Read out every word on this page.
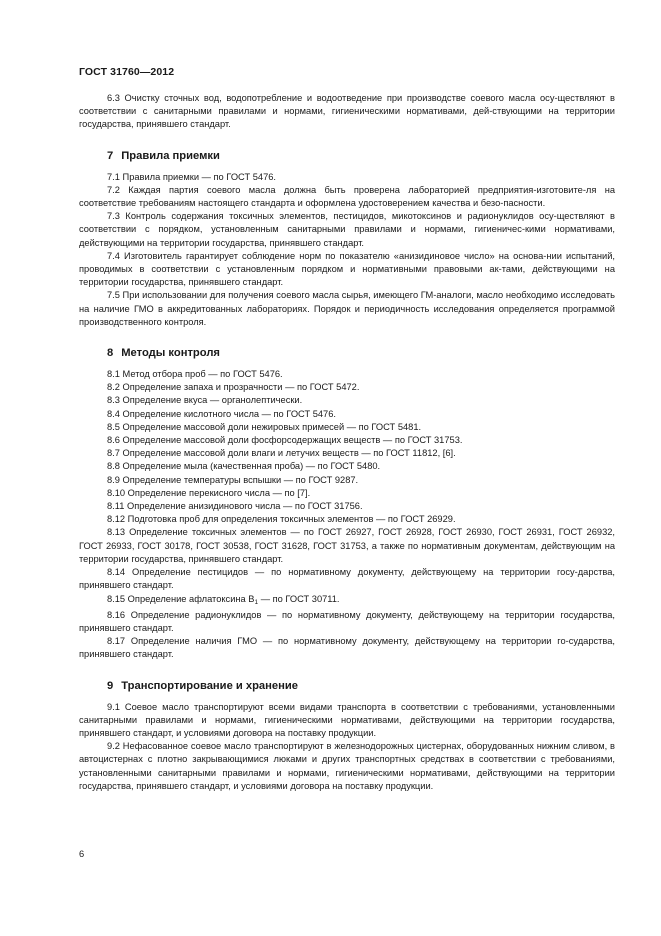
ГОСТ 31760—2012

6.3 Очистку сточных вод, водопотребление и водоотведение при производстве соевого масла осу-ществляют в соответствии с санитарными правилами и нормами, гигиеническими нормативами, дей-ствующими на территории государства, принявшего стандарт.

7 Правила приемки

7.1 Правила приемки — по ГОСТ 5476.

7.2 Каждая партия соевого масла должна быть проверена лабораторией предприятия-изготовите-ля на соответствие требованиям настоящего стандарта и оформлена удостоверением качества и безо-пасности.

7.3 Контроль содержания токсичных элементов, пестицидов, микотоксинов и радионуклидов осу-ществляют в соответствии с порядком, установленным санитарными правилами и нормами, гигиеничес-кими нормативами, действующими на территории государства, принявшего стандарт.

7.4 Изготовитель гарантирует соблюдение норм по показателю «анизидиновое число» на основа-нии испытаний, проводимых в соответствии с установленным порядком и нормативными правовыми ак-тами, действующими на территории государства, принявшего стандарт.

7.5 При использовании для получения соевого масла сырья, имеющего ГМ-аналоги, масло необходимо исследовать на наличие ГМО в аккредитованных лабораториях. Порядок и периодичность исследования определяется программой производственного контроля.

8 Методы контроля

8.1 Метод отбора проб — по ГОСТ 5476.

8.2 Определение запаха и прозрачности — по ГОСТ 5472.

8.3 Определение вкуса — органолептически.

8.4 Определение кислотного числа — по ГОСТ 5476.

8.5 Определение массовой доли нежировых примесей — по ГОСТ 5481.

8.6 Определение массовой доли фосфорсодержащих веществ — по ГОСТ 31753.

8.7 Определение массовой доли влаги и летучих веществ — по ГОСТ 11812, [6].

8.8 Определение мыла (качественная проба) — по ГОСТ 5480.

8.9 Определение температуры вспышки — по ГОСТ 9287.

8.10 Определение перекисного числа — по [7].

8.11 Определение анизидинового числа — по ГОСТ 31756.

8.12 Подготовка проб для определения токсичных элементов — по ГОСТ 26929.

8.13 Определение токсичных элементов — по ГОСТ 26927, ГОСТ 26928, ГОСТ 26930, ГОСТ 26931, ГОСТ 26932, ГОСТ 26933, ГОСТ 30178, ГОСТ 30538, ГОСТ 31628, ГОСТ 31753, а также по нормативным документам, действующим на территории государства, принявшего стандарт.

8.14 Определение пестицидов — по нормативному документу, действующему на территории госу-дарства, принявшего стандарт.

8.15 Определение афлатоксина $B_1$ — по ГОСТ 30711.

8.16 Определение радионуклидов — по нормативному документу, действующему на территории государства, принявшего стандарт.

8.17 Определение наличия ГМО — по нормативному документу, действующему на территории го-сударства, принявшего стандарт.

9 Транспортирование и хранение

9.1 Соевое масло транспортируют всеми видами транспорта в соответствии с требованиями, установленными санитарными правилами и нормами, гигиеническими нормативами, действующими на территории государства, принявшего стандарт, и условиями договора на поставку продукции.

9.2 Нефасованное соевое масло транспортируют в железнодорожных цистернах, оборудованных нижним сливом, в автоцистернах с плотно закрывающимися люками и других транспортных средствах в соответствии с требованиями, установленными санитарными правилами и нормами, гигиеническими нормативами, действующими на территории государства, принявшего стандарт, и условиями договора на поставку продукции.

6
